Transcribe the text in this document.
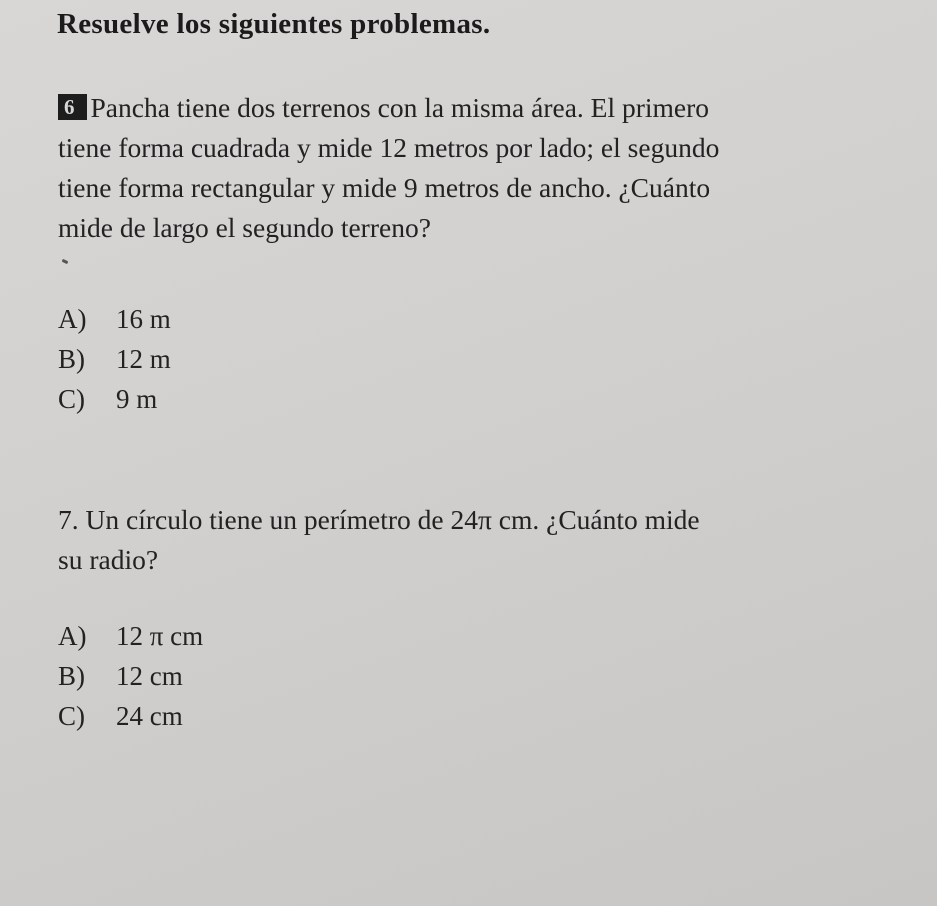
Resuelve los siguientes problemas.
6 Pancha tiene dos terrenos con la misma área. El primero
tiene forma cuadrada y mide 12 metros por lado; el segundo
tiene forma rectangular y mide 9 metros de ancho. ¿Cuánto
mide de largo el segundo terreno?
A) 16 m
B) 12 m
C) 9 m
7. Un círculo tiene un perímetro de 24π cm. ¿Cuánto mide
su radio?
A) 12 π cm
B) 12 cm
C) 24 cm
